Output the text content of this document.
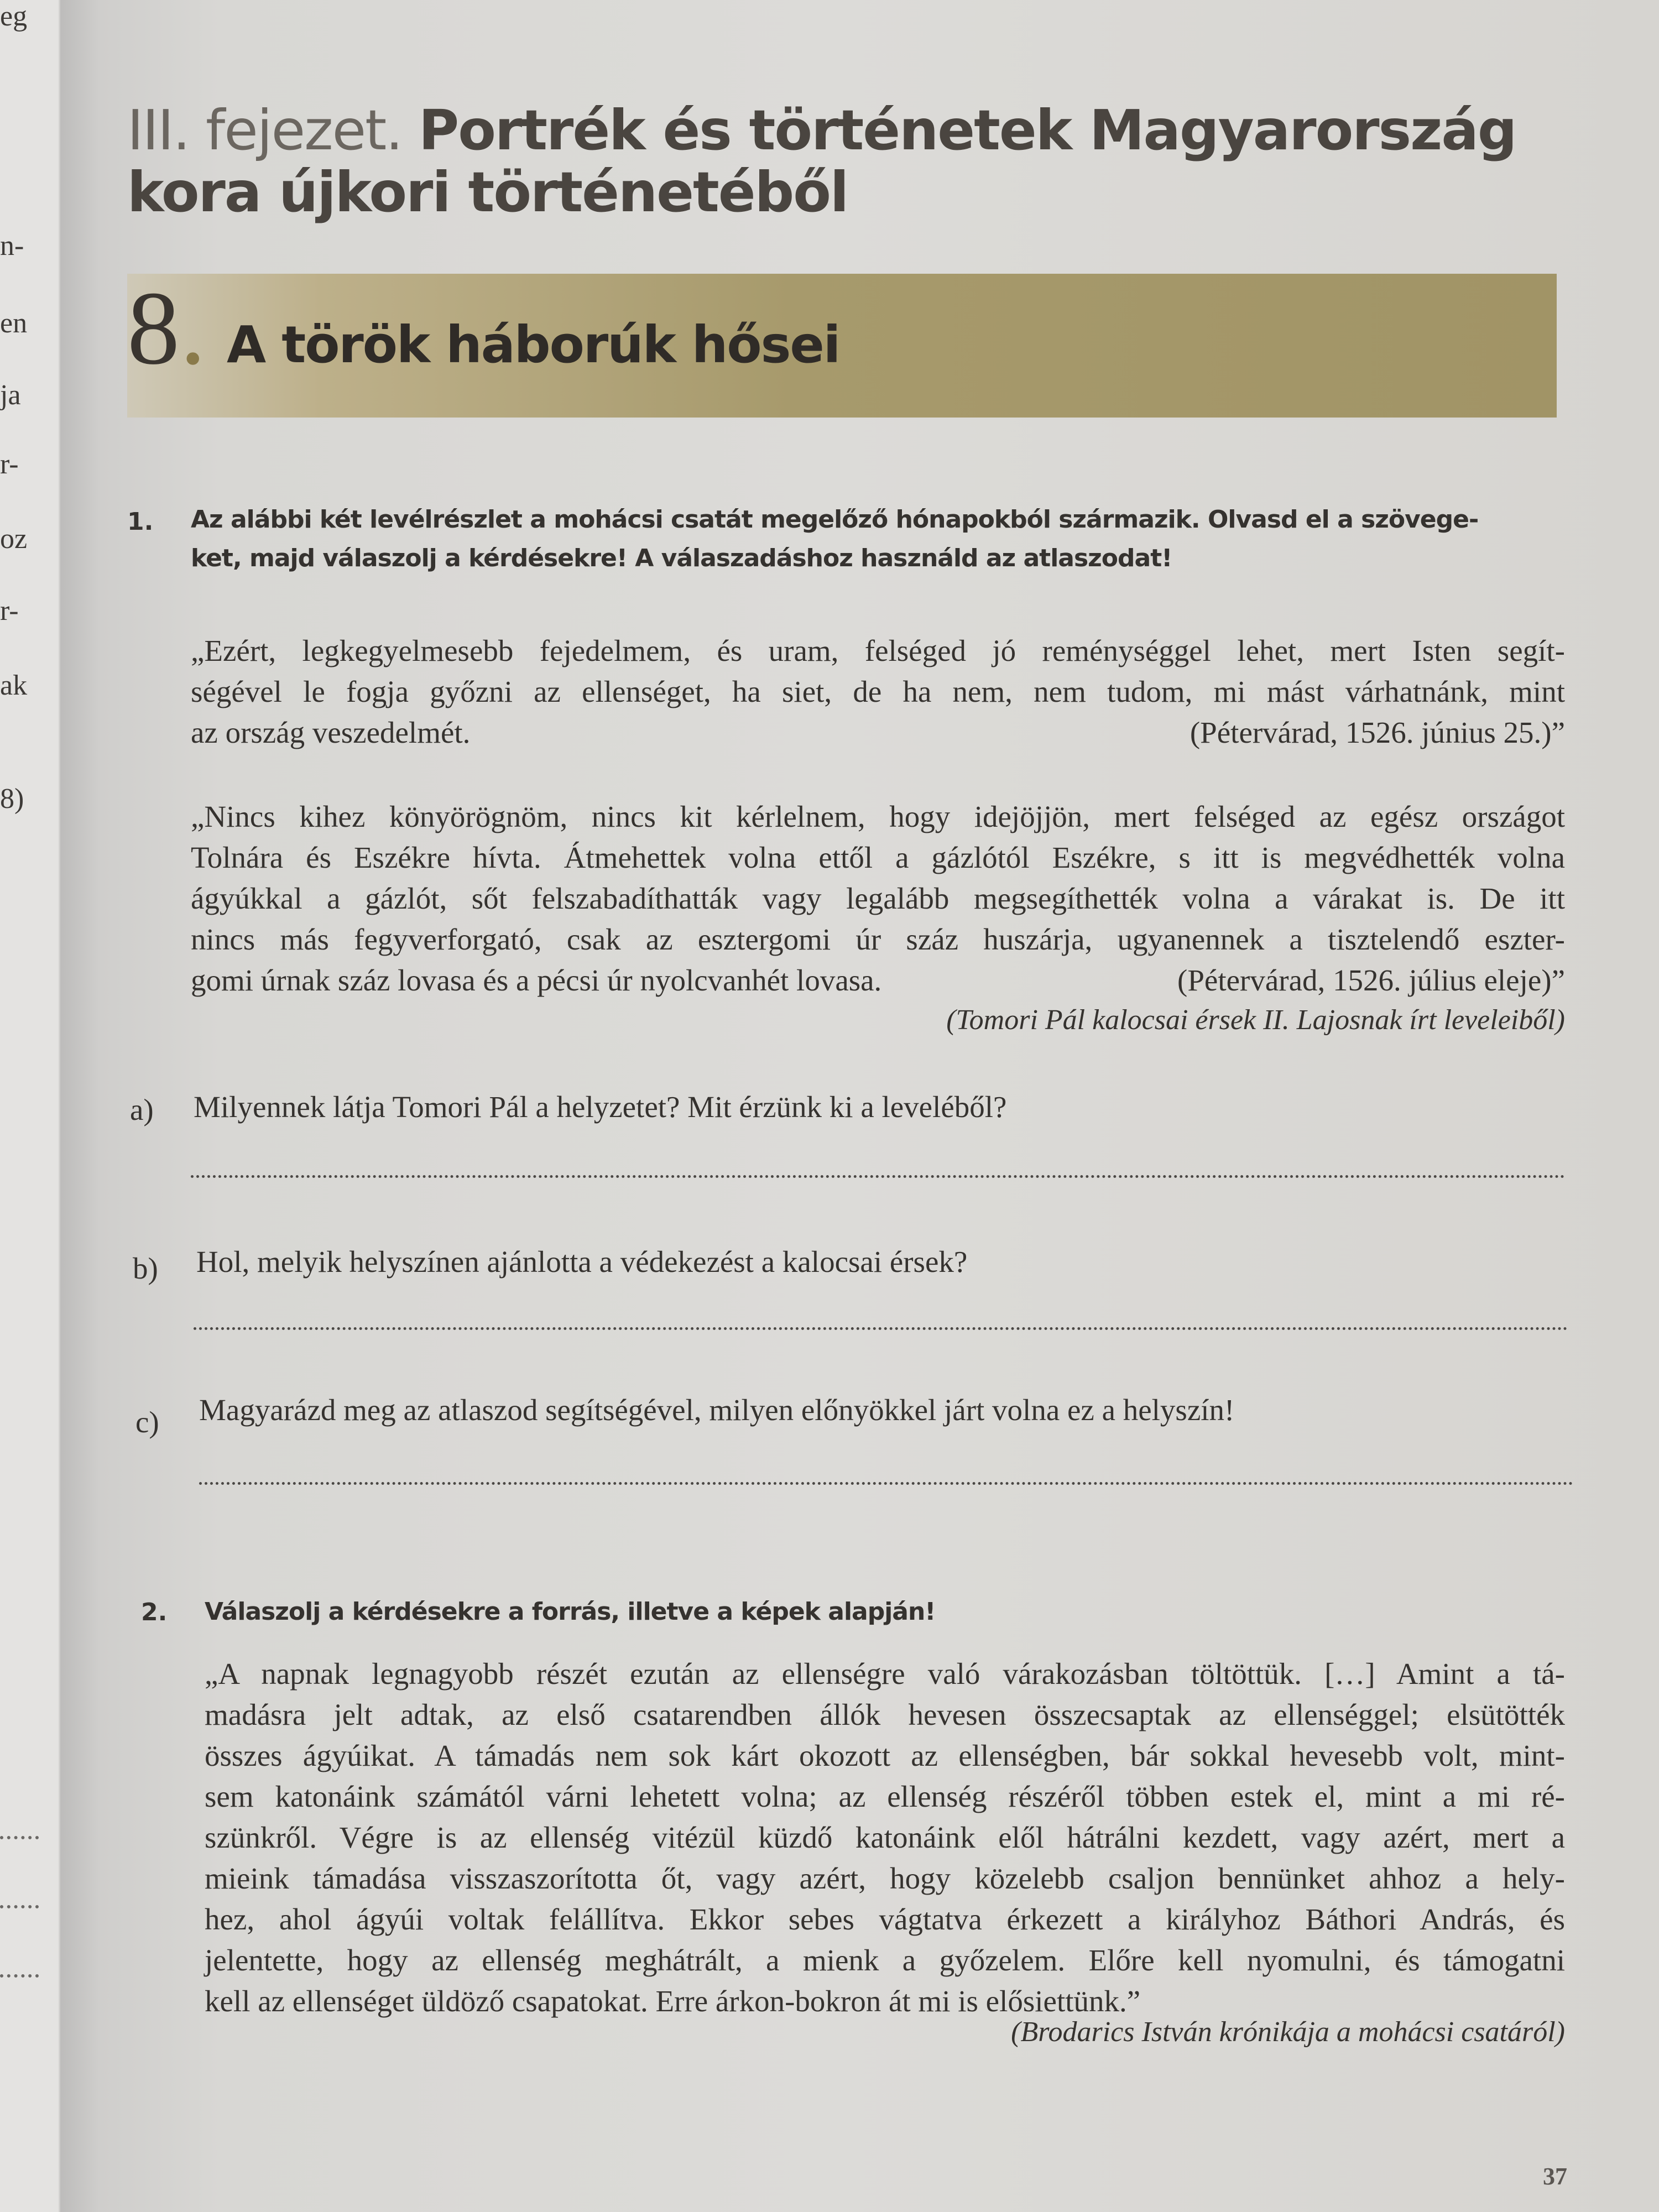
eg
n-
en
ja
r-
oz
r-
ak
8)
III. fejezet. Portrék és történetek Magyarország
kora újkori történetéből
8. A török háborúk hősei
1. Az alábbi két levélrészlet a mohácsi csatát megelőző hónapokból származik. Olvasd el a szövege-
ket, majd válaszolj a kérdésekre! A válaszadáshoz használd az atlaszodat!
„Ezért, legkegyelmesebb fejedelmem, és uram, felséged jó reménységgel lehet, mert Isten segít-
ségével le fogja győzni az ellenséget, ha siet, de ha nem, nem tudom, mi mást várhatnánk, mint
az ország veszedelmét.	(Pétervárad, 1526. június 25.)”
„Nincs kihez könyörögnöm, nincs kit kérlelnem, hogy idejöjjön, mert felséged az egész országot
Tolnára és Eszékre hívta. Átmehettek volna ettől a gázlótól Eszékre, s itt is megvédhették volna
ágyúkkal a gázlót, sőt felszabadíthatták vagy legalább megsegíthették volna a várakat is. De itt
nincs más fegyverforgató, csak az esztergomi úr száz huszárja, ugyanennek a tisztelendő eszter-
gomi úrnak száz lovasa és a pécsi úr nyolcvanhét lovasa.	(Pétervárad, 1526. július eleje)”
(Tomori Pál kalocsai érsek II. Lajosnak írt leveleiből)
a) Milyennek látja Tomori Pál a helyzetet? Mit érzünk ki a leveléből?
b) Hol, melyik helyszínen ajánlotta a védekezést a kalocsai érsek?
c) Magyarázd meg az atlaszod segítségével, milyen előnyökkel járt volna ez a helyszín!
2. Válaszolj a kérdésekre a forrás, illetve a képek alapján!
„A napnak legnagyobb részét ezután az ellenségre való várakozásban töltöttük. […] Amint a tá-
madásra jelt adtak, az első csatarendben állók hevesen összecsaptak az ellenséggel; elsütötték
összes ágyúikat. A támadás nem sok kárt okozott az ellenségben, bár sokkal hevesebb volt, mint-
sem katonáink számától várni lehetett volna; az ellenség részéről többen estek el, mint a mi ré-
szünkről. Végre is az ellenség vitézül küzdő katonáink elől hátrálni kezdett, vagy azért, mert a
mieink támadása visszaszorította őt, vagy azért, hogy közelebb csaljon bennünket ahhoz a hely-
hez, ahol ágyúi voltak felállítva. Ekkor sebes vágtatva érkezett a királyhoz Báthori András, és
jelentette, hogy az ellenség meghátrált, a mienk a győzelem. Előre kell nyomulni, és támogatni
kell az ellenséget üldöző csapatokat. Erre árkon-bokron át mi is elősiettünk.”
(Brodarics István krónikája a mohácsi csatáról)
37
